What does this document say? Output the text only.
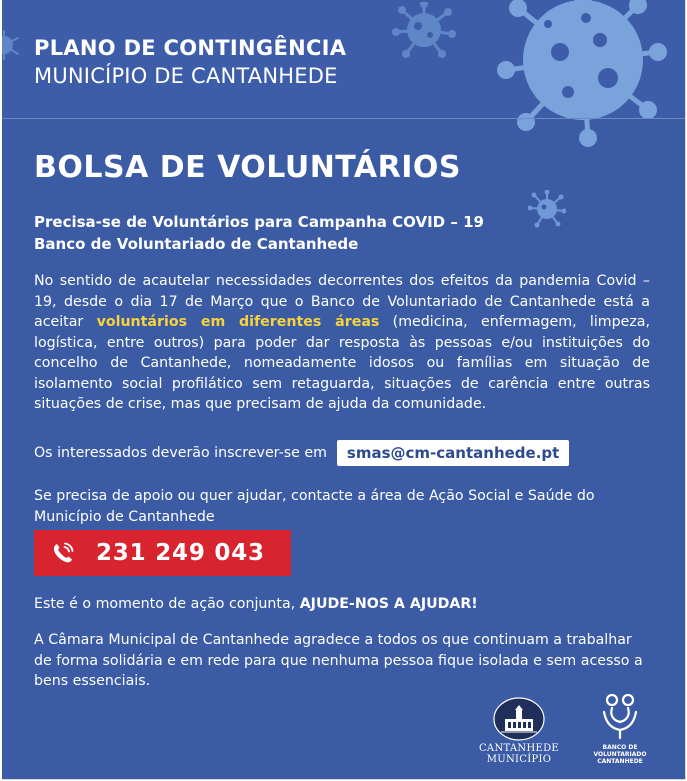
PLANO DE CONTINGÊNCIA
MUNICÍPIO DE CANTANHEDE
BOLSA DE VOLUNTÁRIOS
Precisa-se de Voluntários para Campanha COVID – 19
Banco de Voluntariado de Cantanhede
No sentido de acautelar necessidades decorrentes dos efeitos da pandemia Covid – 19, desde o dia 17 de Março que o Banco de Voluntariado de Cantanhede está a aceitar voluntários em diferentes áreas (medicina, enfermagem, limpeza, logística, entre outros) para poder dar resposta às pessoas e/ou instituições do concelho de Cantanhede, nomeadamente idosos ou famílias em situação de isolamento social profilático sem retaguarda, situações de carência entre outras situações de crise, mas que precisam de ajuda da comunidade.
Os interessados deverão inscrever-se em	smas@cm-cantanhede.pt
Se precisa de apoio ou quer ajudar, contacte a área de Ação Social e Saúde do Município de Cantanhede
231 249 043
Este é o momento de ação conjunta, AJUDE-NOS A AJUDAR!
A Câmara Municipal de Cantanhede agradece a todos os que continuam a trabalhar de forma solidária e em rede para que nenhuma pessoa fique isolada e sem acesso a bens essenciais.
CANTANHEDE
MUNICÍPIO
BANCO DE VOLUNTARIADO CANTANHEDE
